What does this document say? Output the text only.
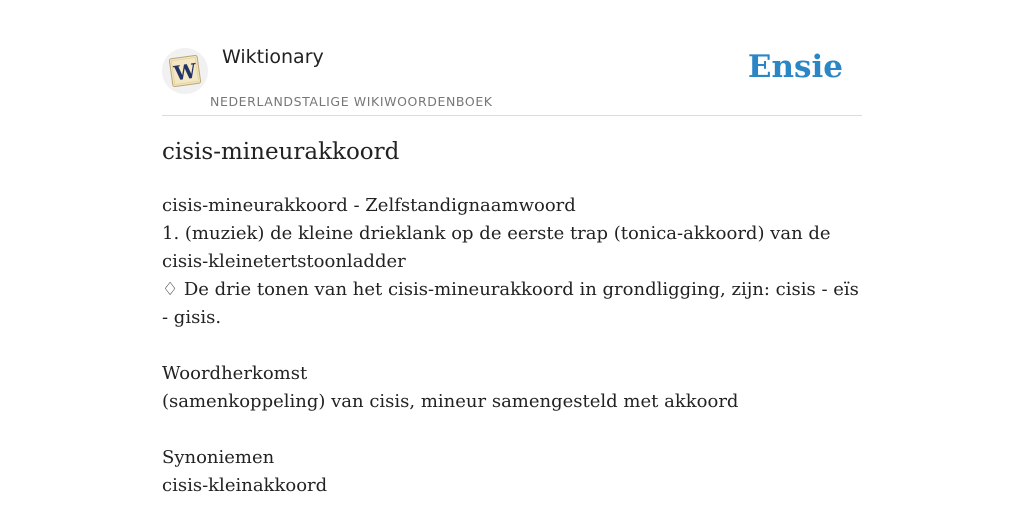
W
Wiktionary
NEDERLANDSTALIGE WIKIWOORDENBOEK
Ensie
cisis-mineurakkoord

cisis-mineurakkoord - Zelfstandignaamwoord

1. (muziek) de kleine drieklank op de eerste trap (tonica-akkoord) van de cisis-kleinetertstoonladder

♢ De drie tonen van het cisis-mineurakkoord in grondligging, zijn: cisis - eïs - gisis.

Woordherkomst

(samenkoppeling) van cisis, mineur samengesteld met akkoord

Synoniemen

cisis-kleinakkoord
